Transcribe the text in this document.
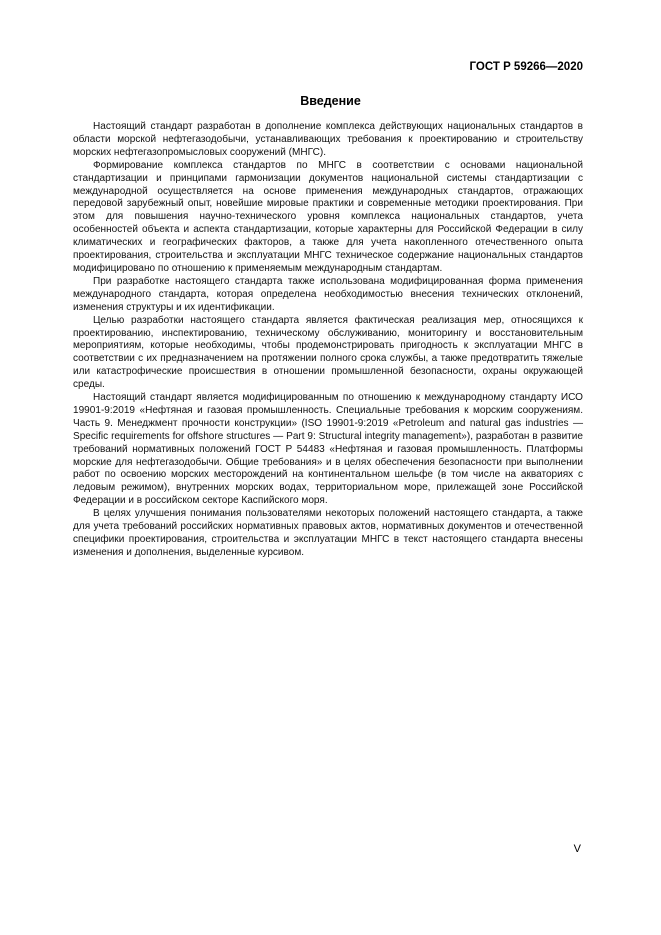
ГОСТ Р 59266—2020
Введение

Настоящий стандарт разработан в дополнение комплекса действующих национальных стандартов в области морской нефтегазодобычи, устанавливающих требования к проектированию и строительству морских нефтегазопромысловых сооружений (МНГС).

Формирование комплекса стандартов по МНГС в соответствии с основами национальной стандартизации и принципами гармонизации документов национальной системы стандартизации с международной осуществляется на основе применения международных стандартов, отражающих передовой зарубежный опыт, новейшие мировые практики и современные методики проектирования. При этом для повышения научно-технического уровня комплекса национальных стандартов, учета особенностей объекта и аспекта стандартизации, которые характерны для Российской Федерации в силу климатических и географических факторов, а также для учета накопленного отечественного опыта проектирования, строительства и эксплуатации МНГС техническое содержание национальных стандартов модифицировано по отношению к применяемым международным стандартам.

При разработке настоящего стандарта также использована модифицированная форма применения международного стандарта, которая определена необходимостью внесения технических отклонений, изменения структуры и их идентификации.

Целью разработки настоящего стандарта является фактическая реализация мер, относящихся к проектированию, инспектированию, техническому обслуживанию, мониторингу и восстановительным мероприятиям, которые необходимы, чтобы продемонстрировать пригодность к эксплуатации МНГС в соответствии с их предназначением на протяжении полного срока службы, а также предотвратить тяжелые или катастрофические происшествия в отношении промышленной безопасности, охраны окружающей среды.

Настоящий стандарт является модифицированным по отношению к международному стандарту ИСО 19901-9:2019 «Нефтяная и газовая промышленность. Специальные требования к морским сооружениям. Часть 9. Менеджмент прочности конструкции» (ISO 19901-9:2019 «Petroleum and natural gas industries — Specific requirements for offshore structures — Part 9: Structural integrity management»), разработан в развитие требований нормативных положений ГОСТ Р 54483 «Нефтяная и газовая промышленность. Платформы морские для нефтегазодобычи. Общие требования» и в целях обеспечения безопасности при выполнении работ по освоению морских месторождений на континентальном шельфе (в том числе на акваториях с ледовым режимом), внутренних морских водах, территориальном море, прилежащей зоне Российской Федерации и в российском секторе Каспийского моря.

В целях улучшения понимания пользователями некоторых положений настоящего стандарта, а также для учета требований российских нормативных правовых актов, нормативных документов и отечественной специфики проектирования, строительства и эксплуатации МНГС в текст настоящего стандарта внесены изменения и дополнения, выделенные курсивом.

V
